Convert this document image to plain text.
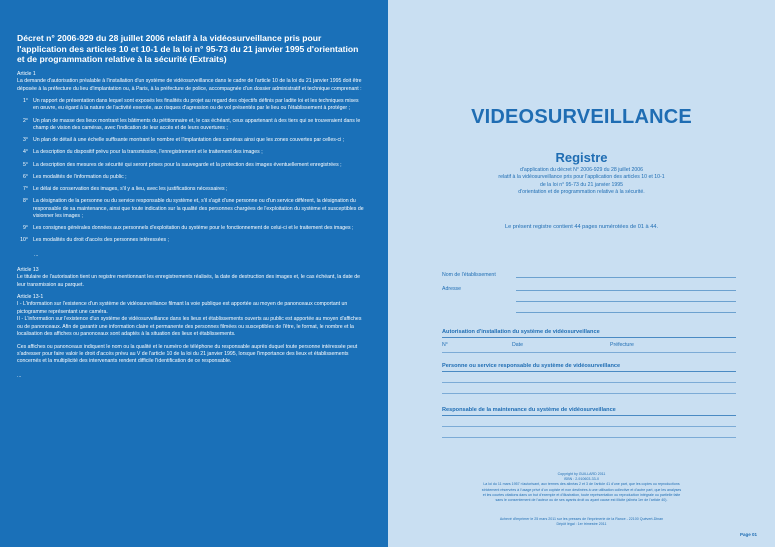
Décret n° 2006-929 du 28 juillet 2006 relatif à la vidéosurveillance pris pour l'application des articles 10 et 10-1 de la loi n° 95-73 du 21 janvier 1995 d'orientation et de programmation relative à la sécurité (Extraits)
Article 1
La demande d'autorisation préalable à l'installation d'un système de vidéosurveillance dans le cadre de l'article 10 de la loi du 21 janvier 1995 doit être déposée à la préfecture du lieu d'implantation ou, à Paris, à la préfecture de police, accompagnée d'un dossier administratif et technique comprenant :
1° Un rapport de présentation dans lequel sont exposés les finalités du projet au regard des objectifs définis par ladite loi et les techniques mises en œuvre, eu égard à la nature de l'activité exercée, aux risques d'agression ou de vol présentés par le lieu ou l'établissement à protéger ;
2° Un plan de masse des lieux montrant les bâtiments du pétitionnaire et, le cas échéant, ceux appartenant à des tiers qui se trouveraient dans le champ de vision des caméras, avec l'indication de leur accès et de leurs ouvertures ;
3° Un plan de détail à une échelle suffisante montrant le nombre et l'implantation des caméras ainsi que les zones couvertes par celles-ci ;
4° La description du dispositif prévu pour la transmission, l'enregistrement et le traitement des images ;
5° La description des mesures de sécurité qui seront prises pour la sauvegarde et la protection des images éventuellement enregistrées ;
6° Les modalités de l'information du public ;
7° Le délai de conservation des images, s'il y a lieu, avec les justifications nécessaires ;
8° La désignation de la personne ou du service responsable du système et, s'il s'agit d'une personne ou d'un service différent, la désignation du responsable de sa maintenance, ainsi que toute indication sur la qualité des personnes chargées de l'exploitation du système et susceptibles de visionner les images ;
9° Les consignes générales données aux personnels d'exploitation du système pour le fonctionnement de celui-ci et le traitement des images ;
10° Les modalités du droit d'accès des personnes intéressées ;
...
Article 13
Le titulaire de l'autorisation tient un registre mentionnant les enregistrements réalisés, la date de destruction des images et, le cas échéant, la date de leur transmission au parquet.
Article 13-1
I - L'information sur l'existence d'un système de vidéosurveillance filmant la voie publique est apportée au moyen de panonceaux comportant un pictogramme représentant une caméra.
II - L'information sur l'existence d'un système de vidéosurveillance dans les lieux et établissements ouverts au public est apportée au moyen d'affiches ou de panonceaux. Afin de garantir une information claire et permanente des personnes filmées ou susceptibles de l'être, le format, le nombre et la localisation des affiches ou panonceaux sont adaptés à la situation des lieux et établissements.
Ces affiches ou panonceaux indiquent le nom ou la qualité et le numéro de téléphone du responsable auprès duquel toute personne intéressée peut s'adresser pour faire valoir le droit d'accès prévu au V de l'article 10 de la loi du 21 janvier 1995, lorsque l'importance des lieux et établissements concernés et la multiplicité des intervenants rendent difficile l'identification de ce responsable.
...
VIDEOSURVEILLANCE
Registre
d'application du décret N° 2006-929 du 28 juillet 2006
relatif à la vidéosurveillance pris pour l'application des articles 10 et 10-1
de la loi n° 95-73 du 21 janvier 1995
d'orientation et de programmation relative à la sécurité.
Le présent registre contient 44 pages numérotées de 01 à 44.
Nom de l'établissement
Adresse
Autorisation d'installation du système de vidéosurveillance
N°	Date	Préfecture
Personne ou service responsable du système de vidéosurveillance
Responsable de la maintenance du système de vidéosurveillance
Copyright by GUILLARD 2011
ISBN : 2-910603-33-X
La loi du 11 mars 1957 n'autorisant, aux termes des alinéas 2 et 3 de l'article 41 d'une part, que les copies ou reproductions
strictement réservées à l'usage privé d'un copiste et non destinées à une utilisation collective et d'autre part, que les analyses
et les courtes citations dans un but d'exemple et d'illustration, toute représentation ou reproduction intégrale ou partielle faite
sans le consentement de l'auteur ou de ses ayants droit ou ayant cause est illicite (alinéa 1er de l'article 40).
Achevé d'imprimer le 25 mars 2011 sur les presses de l'imprimerie de la Rance - 22100 Quévert-Dinan
Dépôt légal : 1er trimestre 2011
Page 01
